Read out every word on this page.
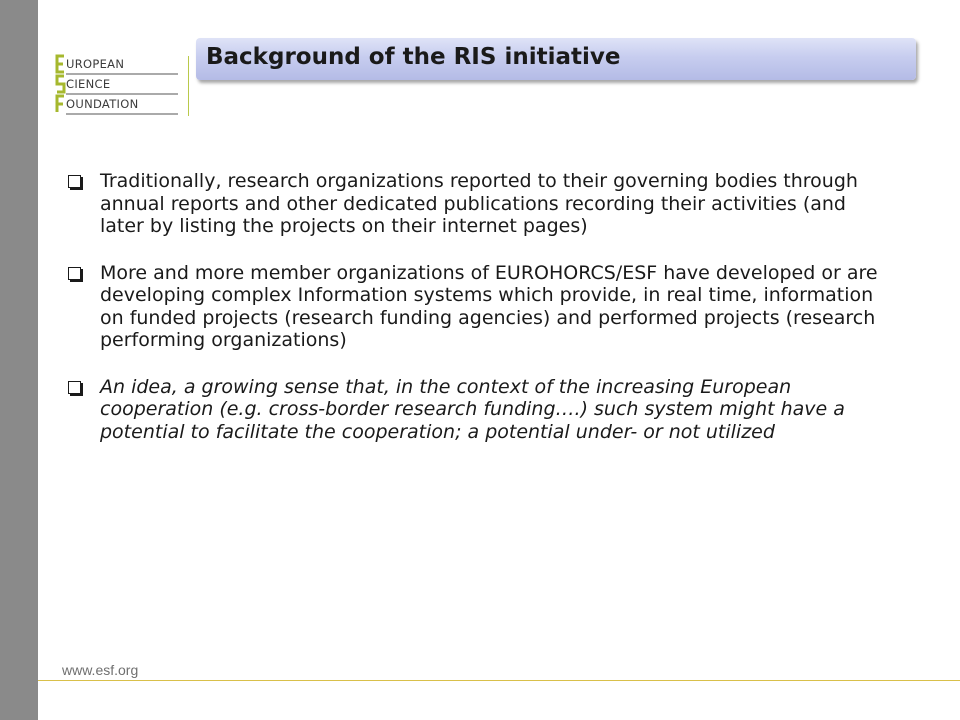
UROPEAN
CIENCE
OUNDATION
Background of the RIS initiative
Traditionally, research organizations reported to their governing bodies through annual reports and other dedicated publications recording their activities (and later by listing the projects on their internet pages)
More and more member organizations of EUROHORCS/ESF have developed or are developing complex Information systems which provide, in real time, information on funded projects (research funding agencies) and performed projects (research performing organizations)
An idea, a growing sense that, in the context of the increasing European cooperation (e.g. cross-border research funding….) such system might have a potential to facilitate the cooperation; a potential under- or not utilized
www.esf.org
